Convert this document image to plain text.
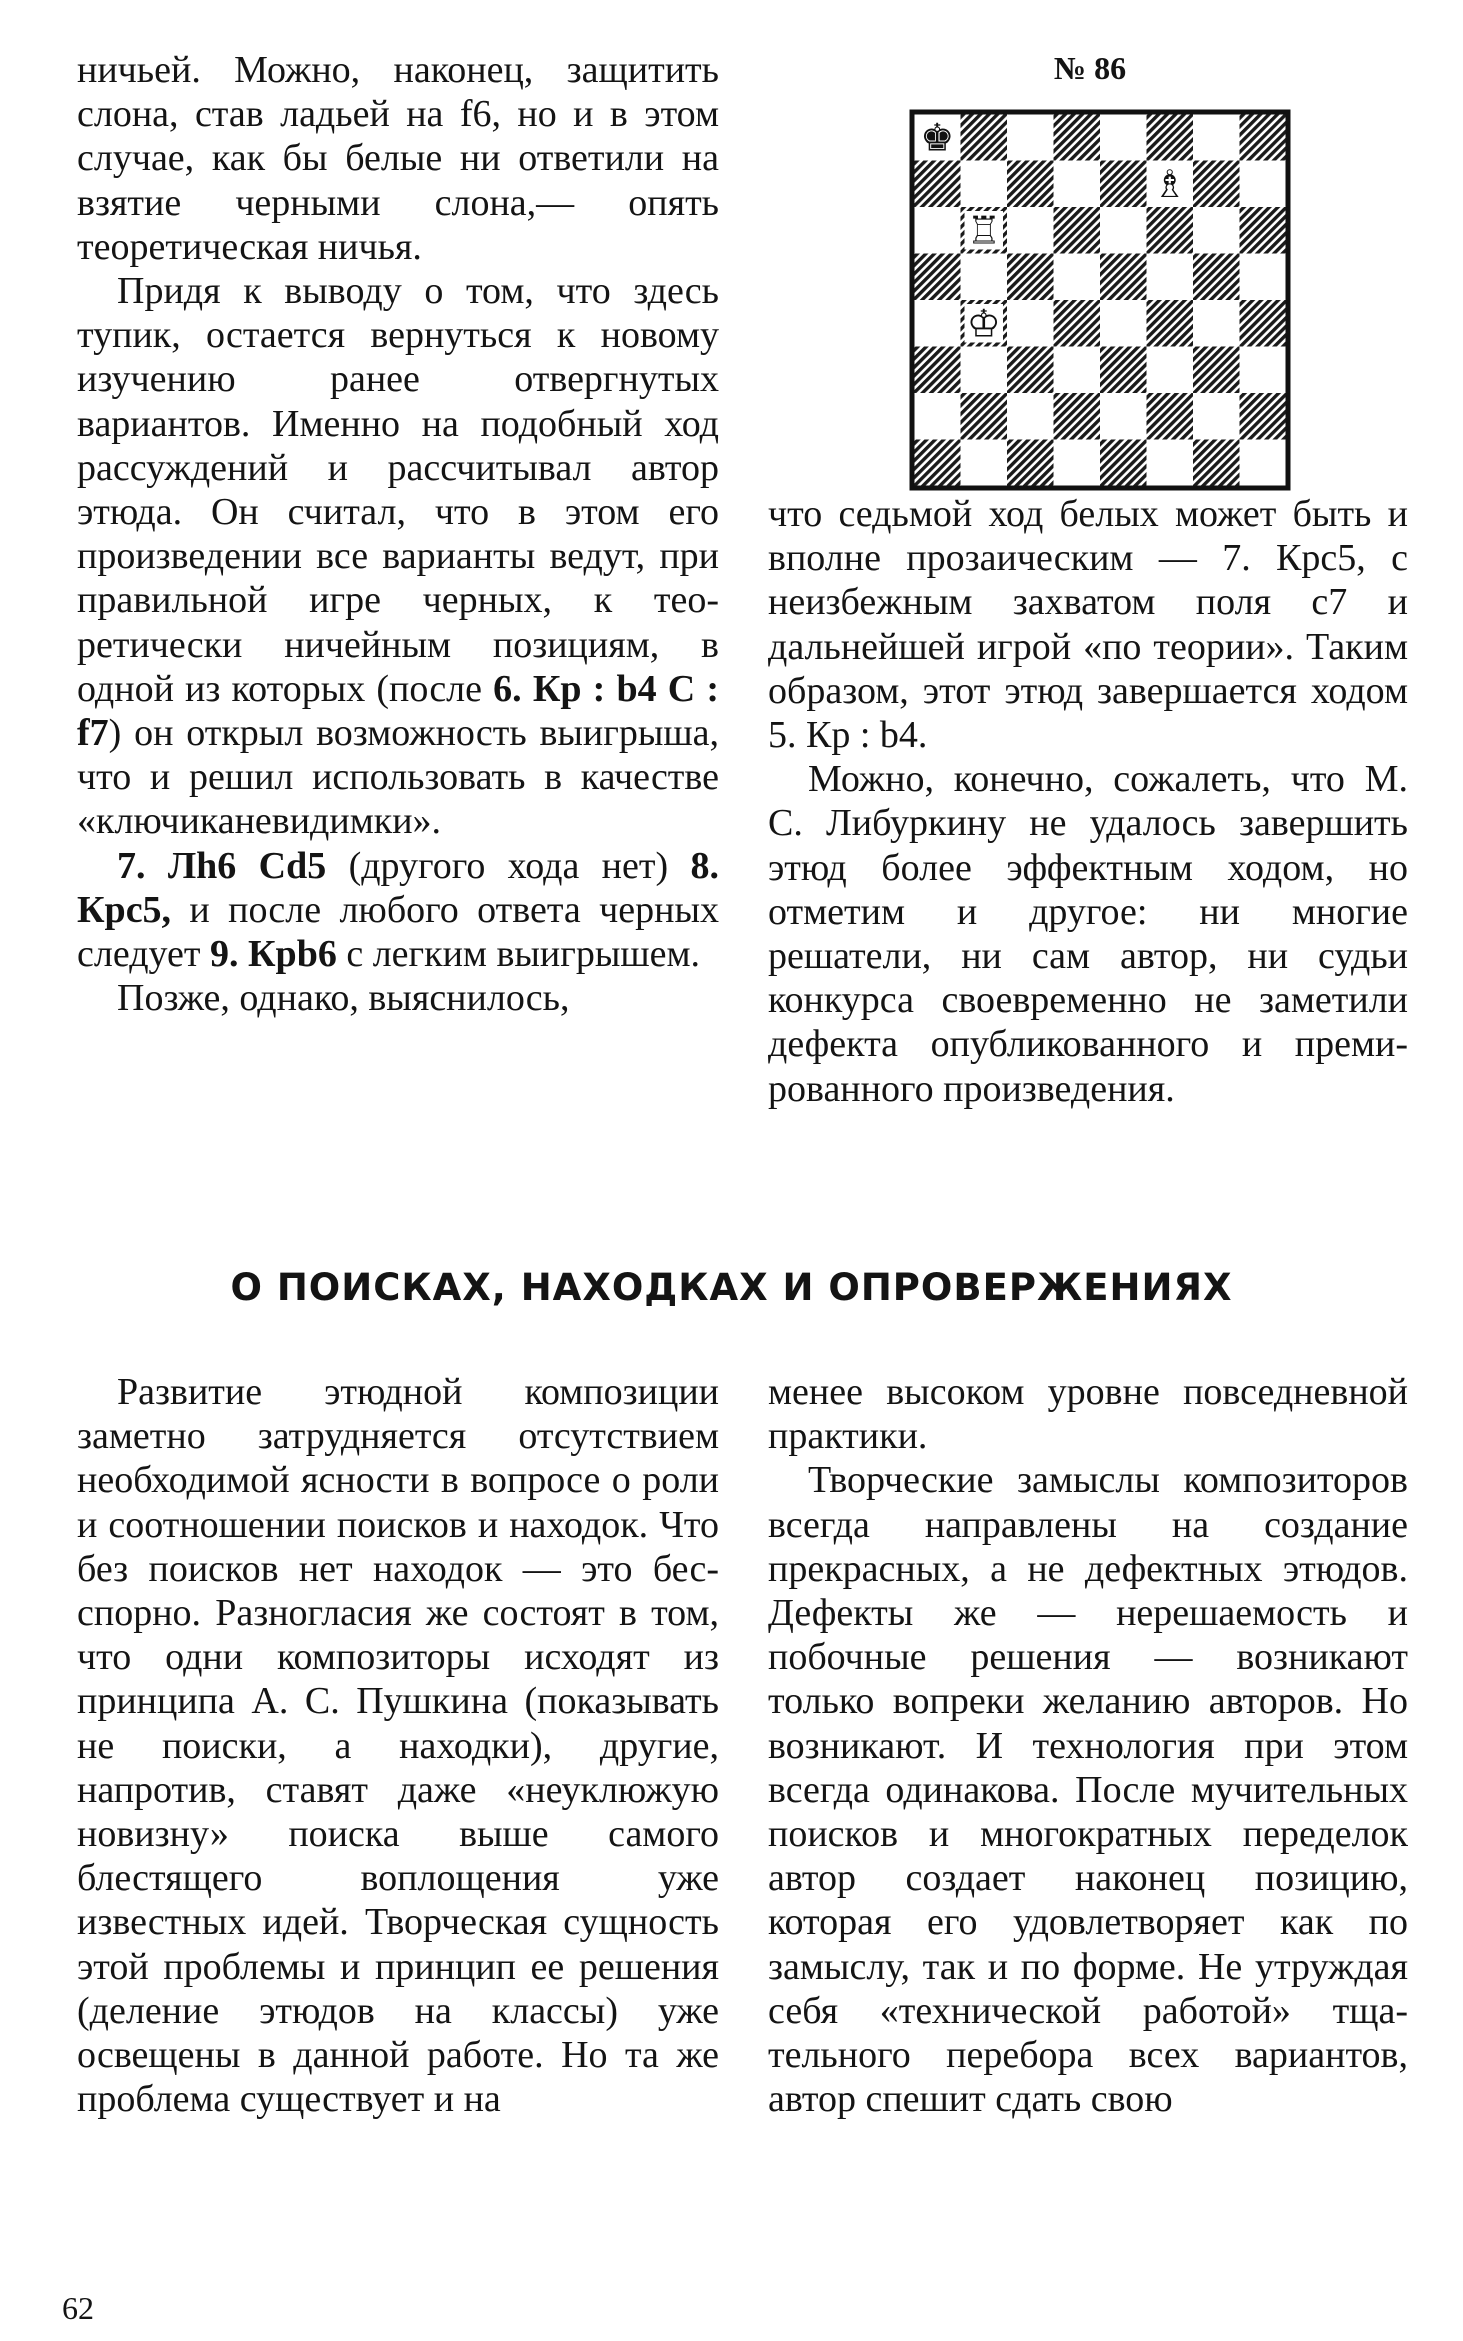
ничьей. Можно, наконец, защитить слона, став ладьей на f6, но и в этом случае, как бы белые ни ответили на взятие черными слона,— опять теоретическая ничья.

Придя к выводу о том, что здесь тупик, остается вернуться к новому изучению ранее отвергнутых вариантов. Именно на подобный ход рассуждений и рассчитывал автор этюда. Он считал, что в этом его произведении все варианты ведут, при правильной игре черных, к теоретически ничейным позициям, в одной из которых (после 6. Кр : b4 С : f7) он открыл возможность выигрыша, что и решил использовать в качестве «ключиканевидимки».

7. Лh6 Cd5 (другого хода нет) 8. Крс5, и после любого ответа черных следует 9. Крb6 с легким выигрышем.

Позже, однако, выяснилось,

№ 86
♚
♗
♖
♔

что седьмой ход белых может быть и вполне прозаическим — 7. Крс5, с неизбежным захватом поля с7 и дальнейшей игрой «по теории». Таким образом, этот этюд завершается ходом 5. Кр : b4.

Можно, конечно, сожалеть, что М. С. Либуркину не удалось завершить этюд более эффектным ходом, но отметим и другое: ни многие решатели, ни сам автор, ни судьи конкурса своевременно не заметили дефекта опубликованного и премированного произведения.

О ПОИСКАХ, НАХОДКАХ И ОПРОВЕРЖЕНИЯХ

Развитие этюдной композиции заметно затрудняется отсутствием необходимой ясности в вопросе о роли и соотношении поисков и находок. Что без поисков нет находок — это бесспорно. Разногласия же состоят в том, что одни композиторы исходят из принципа А. С. Пушкина (показывать не поиски, а находки), другие, напротив, ставят даже «неуклюжую новизну» поиска выше самого блестящего воплощения уже известных идей. Творческая сущность этой проблемы и принцип ее решения (деление этюдов на классы) уже освещены в данной работе. Но та же проблема существует и на

менее высоком уровне повседневной практики.

Творческие замыслы композиторов всегда направлены на создание прекрасных, а не дефектных этюдов. Дефекты же — нерешаемость и побочные решения — возникают только вопреки желанию авторов. Но возникают. И технология при этом всегда одинакова. После мучительных поисков и многократных переделок автор создает наконец позицию, которая его удовлетворяет как по замыслу, так и по форме. Не утруждая себя «технической работой» тщательного перебора всех вариантов, автор спешит сдать свою

62
